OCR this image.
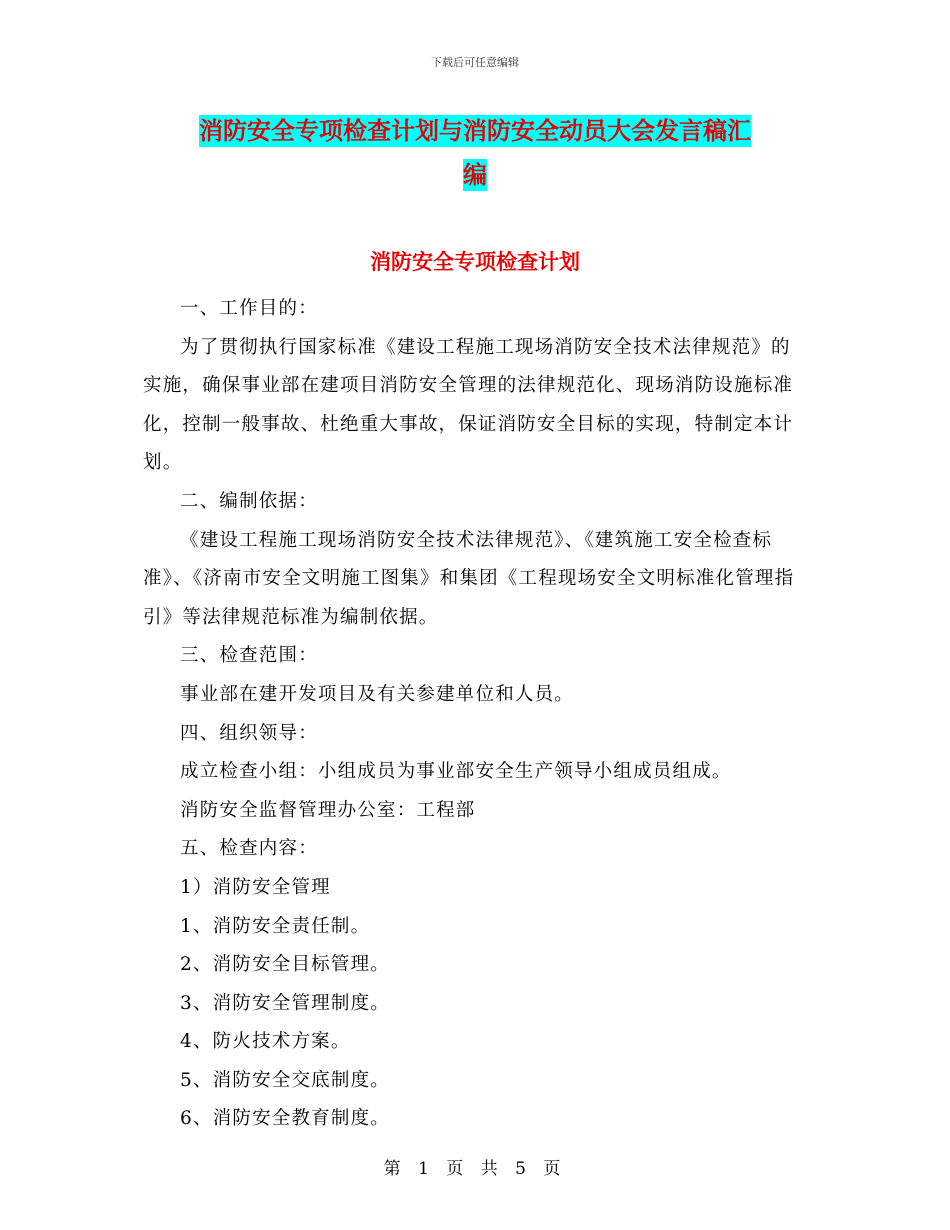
下载后可任意编辑
消防安全专项检查计划与消防安全动员大会发言稿汇
编
消防安全专项检查计划

一、工作目的：

为了贯彻执行国家标准《建设工程施工现场消防安全技术法律规范》的实施，确保事业部在建项目消防安全管理的法律规范化、现场消防设施标准化，控制一般事故、杜绝重大事故，保证消防安全目标的实现，特制定本计划。

二、编制依据：

《建设工程施工现场消防安全技术法律规范》、《建筑施工安全检查标准》、《济南市安全文明施工图集》和集团《工程现场安全文明标准化管理指引》等法律规范标准为编制依据。

三、检查范围：

事业部在建开发项目及有关参建单位和人员。

四、组织领导：

成立检查小组：小组成员为事业部安全生产领导小组成员组成。

消防安全监督管理办公室：工程部

五、检查内容：

1）消防安全管理

1、消防安全责任制。

2、消防安全目标管理。

3、消防安全管理制度。

4、防火技术方案。

5、消防安全交底制度。

6、消防安全教育制度。

第 1 页 共 5 页
